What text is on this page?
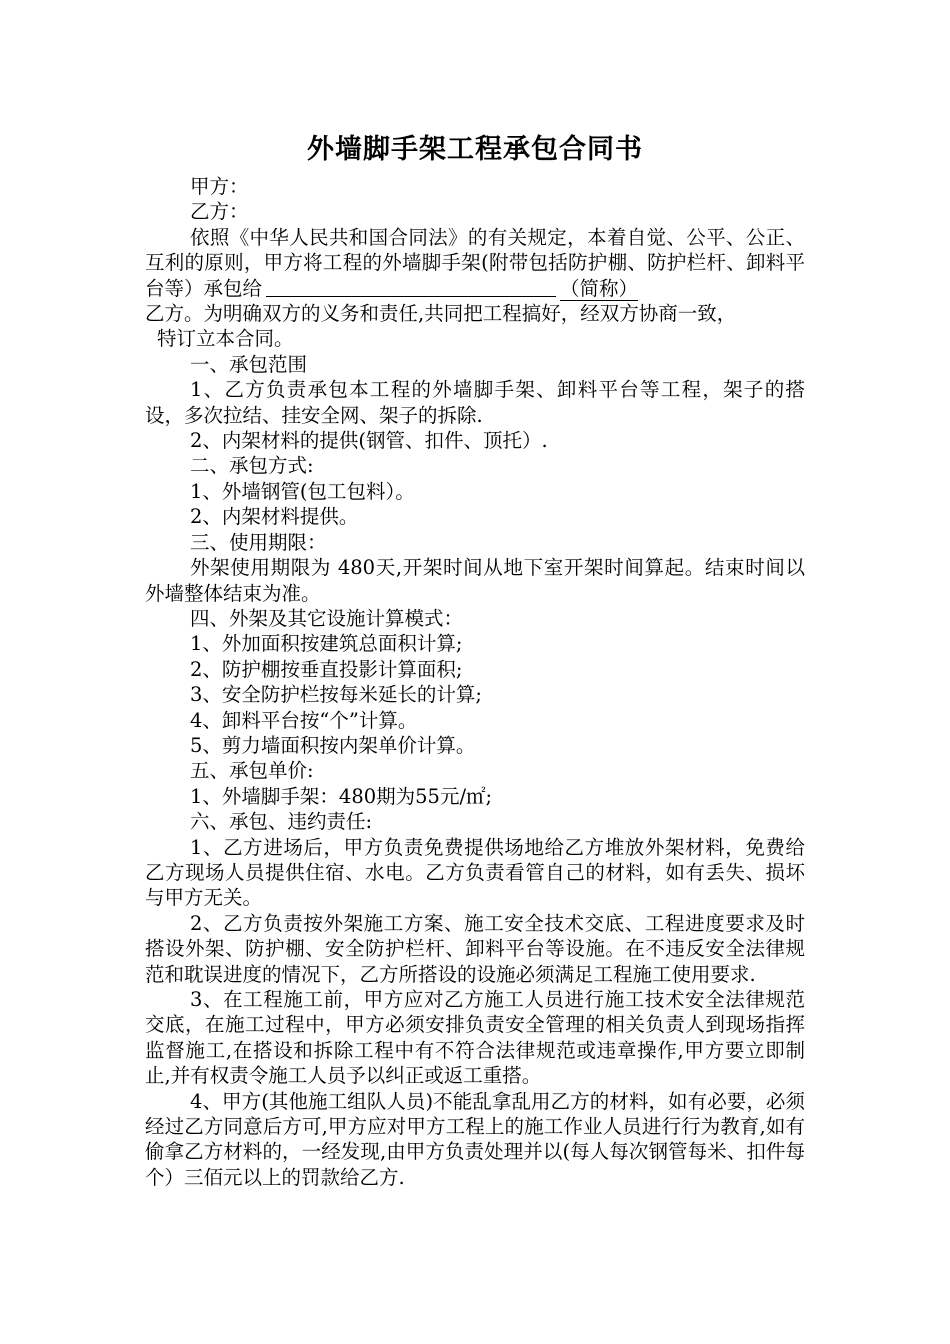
外墙脚手架工程承包合同书

甲方：

乙方：

依照《中华人民共和国合同法》的有关规定，本着自觉、公平、公正、互利的原则，甲方将工程的外墙脚手架(附带包括防护棚、防护栏杆、卸料平台等）承包给	（简称）

乙方。为明确双方的义务和责任,共同把工程搞好，经双方协商一致，

特订立本合同。

一、承包范围

1、乙方负责承包本工程的外墙脚手架、卸料平台等工程，架子的搭设，多次拉结、挂安全网、架子的拆除.

2、内架材料的提供(钢管、扣件、顶托）.

二、承包方式:

1、外墙钢管(包工包料）。

2、内架材料提供。

三、使用期限：

外架使用期限为 480天,开架时间从地下室开架时间算起。结束时间以外墙整体结束为准。

四、外架及其它设施计算模式：

1、外加面积按建筑总面积计算;

2、防护棚按垂直投影计算面积;

3、安全防护栏按每米延长的计算;

4、卸料平台按“个”计算。

5、剪力墙面积按内架单价计算。

五、承包单价:

1、外墙脚手架：480期为55元/㎡;

六、承包、违约责任:

1、乙方进场后，甲方负责免费提供场地给乙方堆放外架材料，免费给乙方现场人员提供住宿、水电。乙方负责看管自己的材料，如有丢失、损坏与甲方无关。

2、乙方负责按外架施工方案、施工安全技术交底、工程进度要求及时搭设外架、防护棚、安全防护栏杆、卸料平台等设施。在不违反安全法律规范和耽误进度的情况下，乙方所搭设的设施必须满足工程施工使用要求.

3、在工程施工前，甲方应对乙方施工人员进行施工技术安全法律规范交底，在施工过程中，甲方必须安排负责安全管理的相关负责人到现场指挥监督施工,在搭设和拆除工程中有不符合法律规范或违章操作,甲方要立即制止,并有权责令施工人员予以纠正或返工重搭。

4、甲方(其他施工组队人员)不能乱拿乱用乙方的材料，如有必要，必须经过乙方同意后方可,甲方应对甲方工程上的施工作业人员进行行为教育,如有偷拿乙方材料的，一经发现,由甲方负责处理并以(每人每次钢管每米、扣件每个）三佰元以上的罚款给乙方.
